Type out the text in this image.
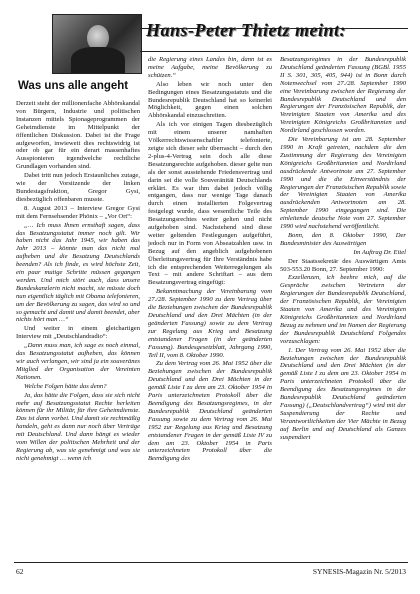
Hans-Peter Thietz meint:
Was uns alle angeht

Derzeit steht der millionenfache Abhörskandal von Bürgern, Industrie und politischen Instanzen mittels Spionageprogrammen der Geheimdienste im Mittelpunkt der öffentlichen Diskussion. Dabei ist die Frage aufgeworfen, inwieweit dies rechtswidrig ist oder ob gar für ein derart massenhaftes Ausspionieren irgendwelche rechtliche Grundlagen vorhanden sind.

Dabei tritt nun jedoch Erstaunliches zutage, wie der Vorsitzende der linken Bundestagsfraktion, Gregor Gysi, diesbezüglich offenbaren musste.

8. August 2013 – Interview Gregor Gysi mit dem Fernsehsender Phönix – „Vor Ort“:

„… Ich muss Ihnen ernsthaft sagen, dass das Besatzungsstatut immer noch gilt. Wir haben nicht das Jahr 1945, wir haben das Jahr 2013 – könnte man das nicht mal aufheben und die Besatzung Deutschlands beenden? Als ich finde, es wird höchste Zeit, ein paar mutige Schritte müssen gegangen werden. Und mich stört auch, dass unsere Bundeskanzlerin nicht macht, sie müsste doch nun eigentlich täglich mit Obama telefonieren, um der Bevölkerung zu sagen, das wird so und so gemacht und damit und damit beendet, aber nichts hört man …“

Und weiter in einem gleichartigen Interview mit „Deutschlandradio“:

„Dann muss man, ich sage es noch einmal, das Besatzungsstatut aufheben, das können wir auch verlangen, wir sind ja ein souveränes Mitglied der Organisation der Vereinten Nationen.

Welche Folgen hätte das denn?

Ja, das hätte die Folgen, dass sie sich nicht mehr auf Besatzungsstatut Rechte herleiten können für ihr Militär, für ihre Geheimdienste. Das ist dann vorbei. Und damit sie rechtmäßig handeln, geht es dann nur noch über Verträge mit Deutschland. Und dann hängt es wieder vom Willen der politischen Mehrheit und der Regierung ab, was sie genehmigt und was sie nicht genehmigt … wenn ich

die Regierung eines Landes bin, dann ist es meine Aufgabe, meine Bevölkerung zu schützen.“

Also leben wir noch unter den Bedingungen eines Besatzungsstatuts und die Bundesrepublik Deutschland hat so keinerlei Möglichkeit, gegen einen solchen Abhörskandal einzuschreiten.

Als ich vor einigen Tagen diesbezüglich mit einem unserer namhaften Völkerrechtswissenschaftler telefonierte, zeigte sich dieser sehr überrascht – durch den 2-plus-4-Vertrag sein doch alle diese Besatzungsrechte aufgehoben. dieser gelte nun als der sonst ausstehende Friedensvertrag und darin sei die volle Souveränität Deutschlands erklärt. Es war ihm dabei jedoch völlig entgangen, dass nur wenige Tage danach durch einen installierten Folgevertrag festgelegt wurde, dass wesentliche Teile des Besatzungsrechtes weiter gelten und nicht aufgehoben sind. Nachstehend sind diese weiter geltenden Festlegungen aufgeführt, jedoch nur in Form von Abseatzahlen usw. in Bezug auf den angeblich aufgehobenen Überleitungsvertrag für Ihre Verständnis habe ich die entsprechenden Weiterregelungen als Text – mit andere Schriftart – aus dem Besatzungsvertrag eingefügt:

Bekanntmachung der Vereinbarung vom 27./28. September 1990 zu dem Vertrag über die Beziehungen zwischen der Bundesrepublik Deutschland und den Drei Mächten (in der geänderten Fassung) sowie zu dem Vertrag zur Regelung aus Krieg und Besatzung entstandener Fragen (in der geänderten Fassung). Bundesgesetzblatt, Jahrgang 1990, Teil II, vom 8. Oktober 1990.

Zu dem Vertrag vom 26. Mai 1952 über die Beziehungen zwischen der Bundesrepublik Deutschland und den Drei Mächten in der gemäß Liste I zu dem am 23. Oktober 1954 in Paris unterzeichneten Protokoll über die Beendigung des Besatzungsregimes, in der Bundesrepublik Deutschland geänderten Fassung sowie zu dem Vertrag vom 26. Mai 1952 zur Regelung aus Krieg und Besatzung entstandener Fragen in der gemäß Liste IV zu dem am 23. Oktober 1954 in Paris unterzeichneten Protokoll über die Beendigung des

Besatzungsregimes in der Bundesrepublik Deutschland geänderten Fassung (BGBl. 1955 II S. 301, 305, 405, 944) ist in Bonn durch Notenwechsel vom 27./28. September 1990 eine Vereinbarung zwischen der Regierung der Bundesrepublik Deutschland und den Regierungen der Französischen Republik, der Vereinigten Staaten von Amerika und des Vereinigten Königreichs Großbritannien und Nordirland geschlossen worden.

Die Vereinbarung ist am 28. September 1990 in Kraft getreten, nachdem die den Zustimmung der Regierung des Vereinigten Königreichs Großbritannien und Nordirland ausdrückende Antwortnote am 27. September 1990 und die die Einverständnis der Regierungen der Französischen Republik sowie der Vereinigten Staaten von Amerika ausdrückenden Antwortnoten am 28. September 1990 eingegangen sind. Die einleitende deutsche Note vom 27. September 1990 wird nachstehend veröffentlicht.

Bonn, den 8. Oktober 1990, Der Bundesminister des Auswärtigen

Im Auftrag Dr. Eitel

Der Staatssekretär des Auswärtigen Amts 503-553.20 Bonn, 27. September 1990:

Exzellenzen, ich beehre mich, auf die Gespräche zwischen Vertretern der Regierungen der Bundesrepublik Deutschland, der Französischen Republik, der Vereinigten Staaten von Amerika und des Vereinigten Königreichs Großbritannien und Nordirland Bezug zu nehmen und im Namen der Regierung der Bundesrepublik Deutschland Folgendes vorzuschlagen:

1. Der Vertrag vom 26. Mai 1952 über die Beziehungen zwischen der Bundesrepublik Deutschland und den Drei Mächten (in der gemäß Liste I zu dem am 23. Oktober 1954 in Paris unterzeichneten Protokoll über die Beendigung des Besatzungsregimes in der Bundesrepublik Deutschland geänderten Fassung) („Deutschlandvertrag“) wird mit der Suspendierung der Rechte und Verantwortlichkeiten der Vier Mächte in Bezug auf Berlin und auf Deutschland als Ganzes suspendiert

62	SYNESIS-Magazin Nr. 5/2013
